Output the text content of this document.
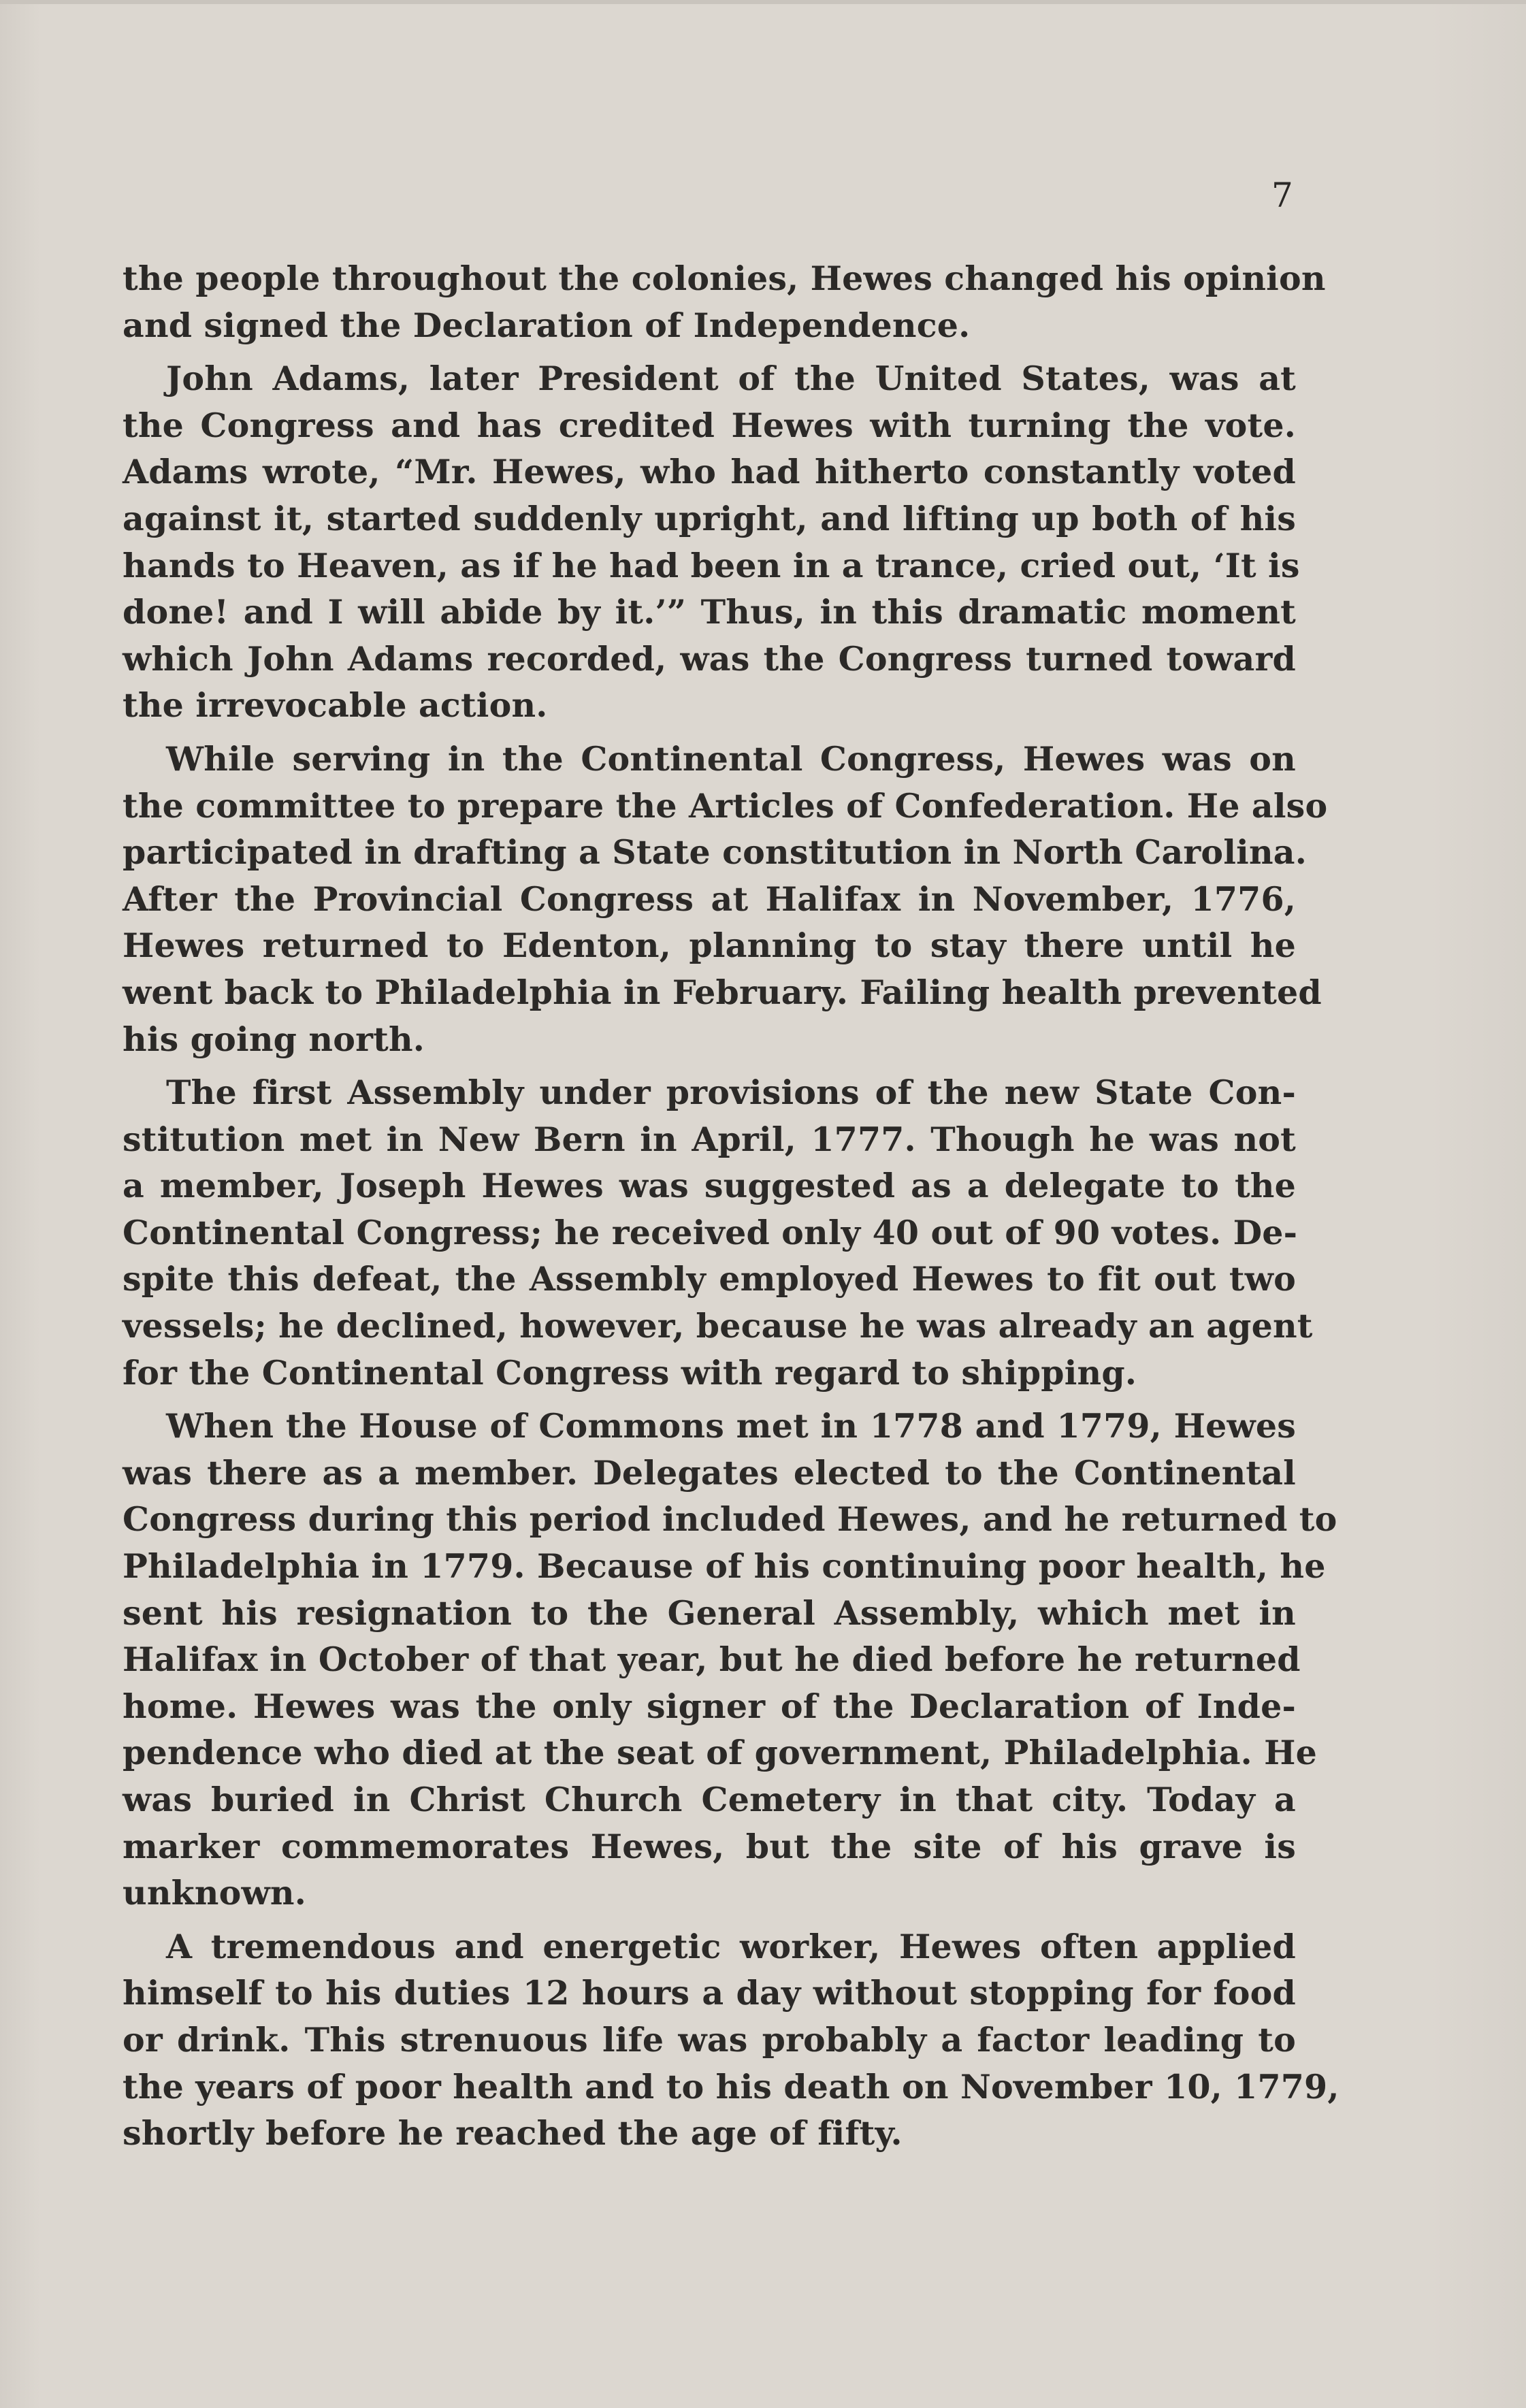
7
the people throughout the colonies, Hewes changed his opinion
and signed the Declaration of Independence.
John Adams, later President of the United States, was at
the Congress and has credited Hewes with turning the vote.
Adams wrote, “Mr. Hewes, who had hitherto constantly voted
against it, started suddenly upright, and lifting up both of his
hands to Heaven, as if he had been in a trance, cried out, ‘It is
done! and I will abide by it.’” Thus, in this dramatic moment
which John Adams recorded, was the Congress turned toward
the irrevocable action.
While serving in the Continental Congress, Hewes was on
the committee to prepare the Articles of Confederation. He also
participated in drafting a State constitution in North Carolina.
After the Provincial Congress at Halifax in November, 1776,
Hewes returned to Edenton, planning to stay there until he
went back to Philadelphia in February. Failing health prevented
his going north.
The first Assembly under provisions of the new State Con-
stitution met in New Bern in April, 1777. Though he was not
a member, Joseph Hewes was suggested as a delegate to the
Continental Congress; he received only 40 out of 90 votes. De-
spite this defeat, the Assembly employed Hewes to fit out two
vessels; he declined, however, because he was already an agent
for the Continental Congress with regard to shipping.
When the House of Commons met in 1778 and 1779, Hewes
was there as a member. Delegates elected to the Continental
Congress during this period included Hewes, and he returned to
Philadelphia in 1779. Because of his continuing poor health, he
sent his resignation to the General Assembly, which met in
Halifax in October of that year, but he died before he returned
home. Hewes was the only signer of the Declaration of Inde-
pendence who died at the seat of government, Philadelphia. He
was buried in Christ Church Cemetery in that city. Today a
marker commemorates Hewes, but the site of his grave is
unknown.
A tremendous and energetic worker, Hewes often applied
himself to his duties 12 hours a day without stopping for food
or drink. This strenuous life was probably a factor leading to
the years of poor health and to his death on November 10, 1779,
shortly before he reached the age of fifty.
